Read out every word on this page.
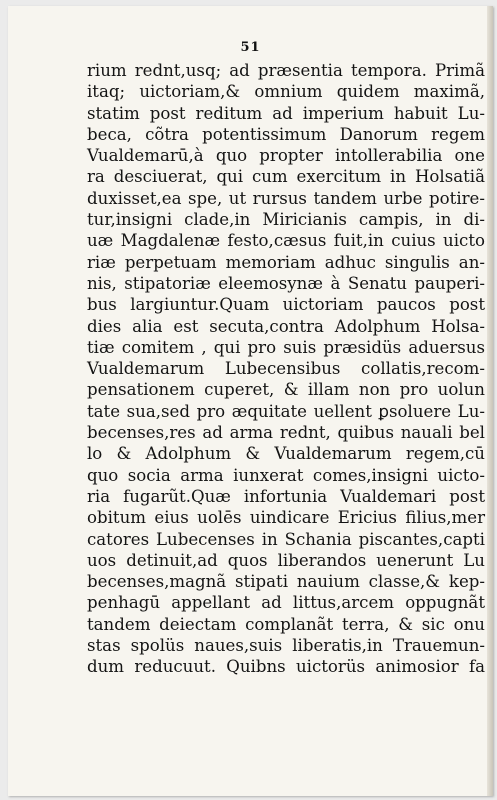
51
rium rednt,usq; ad præsentia tempora. Primã
itaq; uictoriam,& omnium quidem maximã,
statim post reditum ad imperium habuit Lu-
beca, cõtra potentissimum Danorum regem
Vualdemarū,à quo propter intollerabilia one
ra desciuerat, qui cum exercitum in Holsatiã
duxisset,ea spe, ut rursus tandem urbe potire-
tur,insigni clade,in Miricianis campis, in di-
uæ Magdalenæ festo,cæsus fuit,in cuius uicto
riæ perpetuam memoriam adhuc singulis an-
nis, stipatoriæ eleemosynæ à Senatu pauperi-
bus largiuntur.Quam uictoriam paucos post
dies alia est secuta,contra Adolphum Holsa-
tiæ comitem , qui pro suis præsidüs aduersus
Vualdemarum Lubecensibus collatis,recom-
pensationem cuperet, & illam non pro uolun
tate sua,sed pro æquitate uellent ꝑsoluere Lu-
becenses,res ad arma rednt, quibus nauali bel
lo & Adolphum & Vualdemarum regem,cū
quo socia arma iunxerat comes,insigni uicto-
ria fugarũt.Quæ infortunia Vualdemari post
obitum eius uolēs uindicare Ericius filius,mer
catores Lubecenses in Schania piscantes,capti
uos detinuit,ad quos liberandos uenerunt Lu
becenses,magnã stipati nauium classe,& kep-
penhagū appellant ad littus,arcem oppugnãt
tandem deiectam complanãt terra, & sic onu
stas spolüs naues,suis liberatis,in Trauemun-
dum reducuut. Quibns uictorüs animosior fa
